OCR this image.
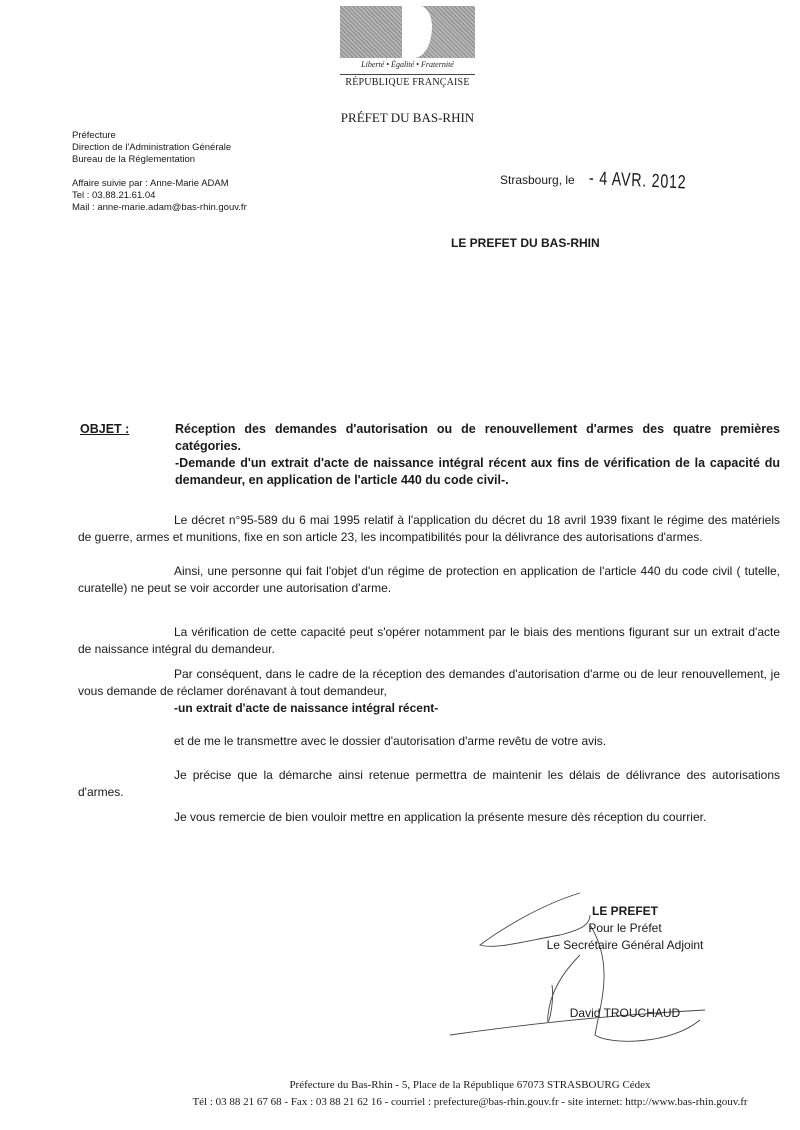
Liberté • Égalité • Fraternité
RÉPUBLIQUE FRANÇAISE
PRÉFET DU BAS-RHIN
Préfecture
Direction de l'Administration Générale
Bureau de la Réglementation
Affaire suivie par : Anne-Marie ADAM
Tel : 03.88.21.61.04
Mail : anne-marie.adam@bas-rhin.gouv.fr
Strasbourg, le - 4 AVR. 2012
LE PREFET DU BAS-RHIN
OBJET :	Réception des demandes d'autorisation ou de renouvellement d'armes des quatre premières catégories.
-Demande d'un extrait d'acte de naissance intégral récent aux fins de vérification de la capacité du demandeur, en application de l'article 440 du code civil-.
Le décret n°95-589 du 6 mai 1995 relatif à l'application du décret du 18 avril 1939 fixant le régime des matériels de guerre, armes et munitions, fixe en son article 23, les incompatibilités pour la délivrance des autorisations d'armes.
Ainsi, une personne qui fait l'objet d'un régime de protection en application de l'article 440 du code civil ( tutelle, curatelle) ne peut se voir accorder une autorisation d'arme.
La vérification de cette capacité peut s'opérer notamment par le biais des mentions figurant sur un extrait d'acte de naissance intégral du demandeur.
Par conséquent, dans le cadre de la réception des demandes d'autorisation d'arme ou de leur renouvellement, je vous demande de réclamer dorénavant à tout demandeur,
-un extrait d'acte de naissance intégral récent-
et de me le transmettre avec le dossier d'autorisation d'arme revêtu de votre avis.
Je précise que la démarche ainsi retenue permettra de maintenir les délais de délivrance des autorisations d'armes.
Je vous remercie de bien vouloir mettre en application la présente mesure dès réception du courrier.
LE PREFET
Pour le Préfet
Le Secrétaire Général Adjoint
David TROUCHAUD
Préfecture du Bas-Rhin - 5, Place de la République 67073 STRASBOURG Cédex
Tél : 03 88 21 67 68 - Fax : 03 88 21 62 16 - courriel : prefecture@bas-rhin.gouv.fr - site internet: http://www.bas-rhin.gouv.fr
